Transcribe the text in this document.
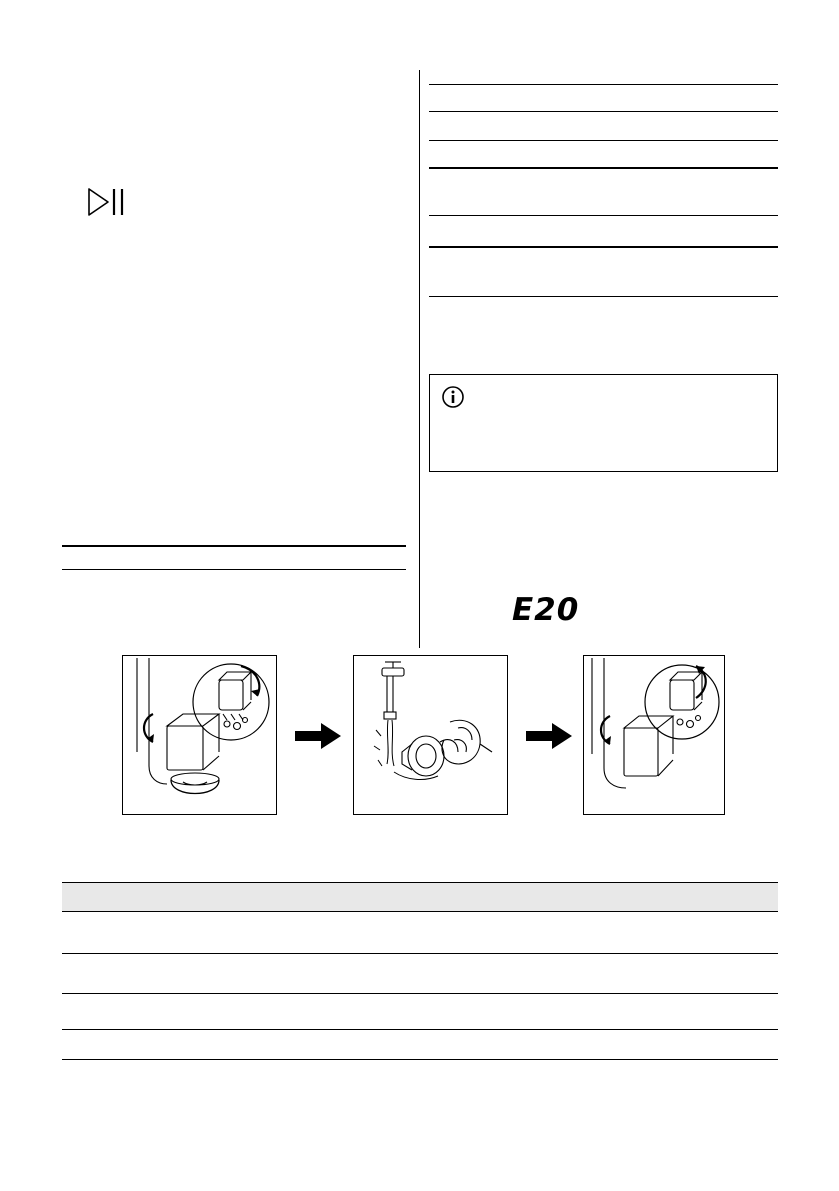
E20
